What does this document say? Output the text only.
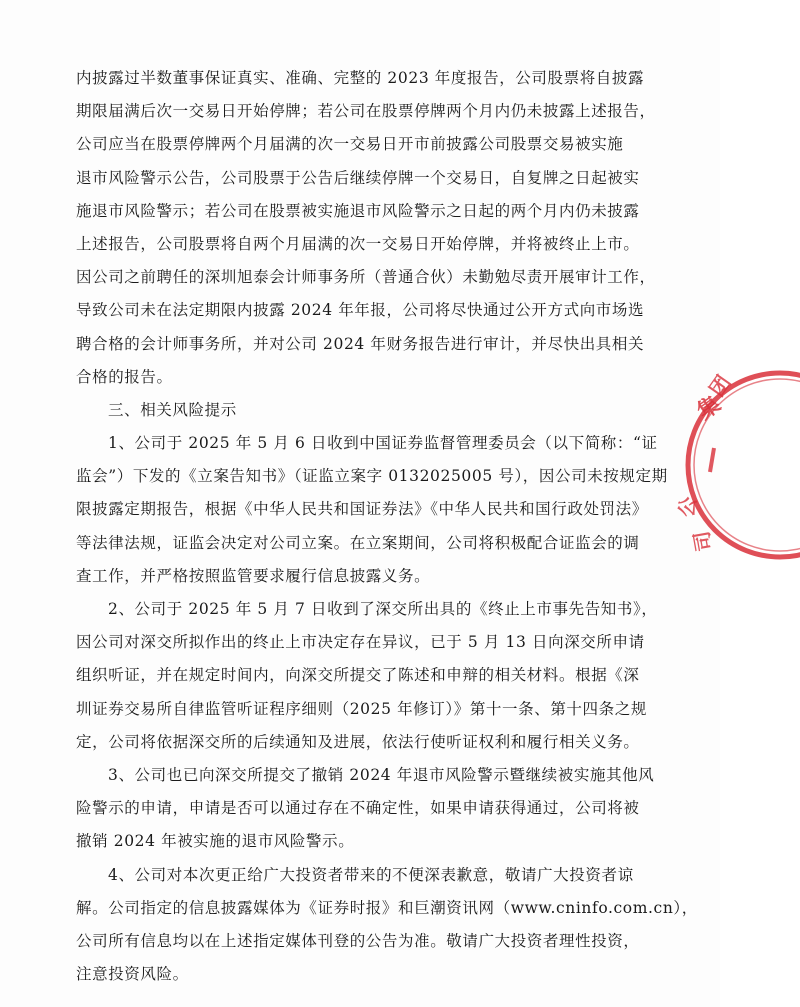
内披露过半数董事保证真实、准确、完整的 2023 年度报告，公司股票将自披露
期限届满后次一交易日开始停牌；若公司在股票停牌两个月内仍未披露上述报告，
公司应当在股票停牌两个月届满的次一交易日开市前披露公司股票交易被实施
退市风险警示公告，公司股票于公告后继续停牌一个交易日，自复牌之日起被实
施退市风险警示；若公司在股票被实施退市风险警示之日起的两个月内仍未披露
上述报告，公司股票将自两个月届满的次一交易日开始停牌，并将被终止上市。
因公司之前聘任的深圳旭泰会计师事务所（普通合伙）未勤勉尽责开展审计工作，
导致公司未在法定期限内披露 2024 年年报，公司将尽快通过公开方式向市场选
聘合格的会计师事务所，并对公司 2024 年财务报告进行审计，并尽快出具相关
合格的报告。
三、相关风险提示
1、公司于 2025 年 5 月 6 日收到中国证券监督管理委员会（以下简称：“证
监会”）下发的《立案告知书》（证监立案字 0132025005 号），因公司未按规定期
限披露定期报告，根据《中华人民共和国证券法》《中华人民共和国行政处罚法》
等法律法规，证监会决定对公司立案。在立案期间，公司将积极配合证监会的调
查工作，并严格按照监管要求履行信息披露义务。
2、公司于 2025 年 5 月 7 日收到了深交所出具的《终止上市事先告知书》，
因公司对深交所拟作出的终止上市决定存在异议，已于 5 月 13 日向深交所申请
组织听证，并在规定时间内，向深交所提交了陈述和申辩的相关材料。根据《深
圳证券交易所自律监管听证程序细则（2025 年修订）》第十一条、第十四条之规
定，公司将依据深交所的后续通知及进展，依法行使听证权利和履行相关义务。
3、公司也已向深交所提交了撤销 2024 年退市风险警示暨继续被实施其他风
险警示的申请，申请是否可以通过存在不确定性，如果申请获得通过，公司将被
撤销 2024 年被实施的退市风险警示。
4、公司对本次更正给广大投资者带来的不便深表歉意，敬请广大投资者谅
解。公司指定的信息披露媒体为《证券时报》和巨潮资讯网（www.cninfo.com.cn），
公司所有信息均以在上述指定媒体刊登的公告为准。敬请广大投资者理性投资，
注意投资风险。
集
团
公
司
